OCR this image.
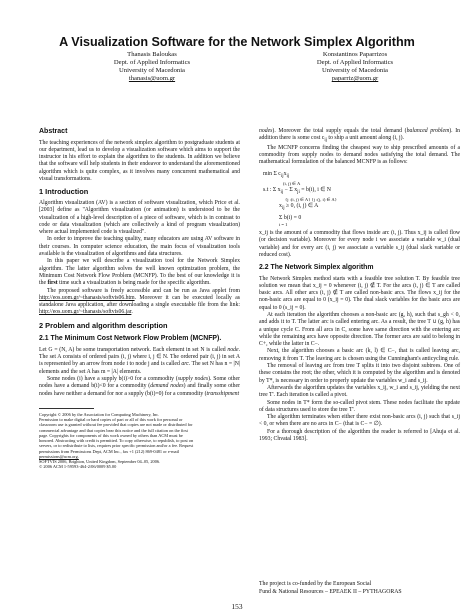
A Visualization Software for the Network Simplex Algorithm
Thanasis Baloukas
Dept. of Applied Informatics
University of Macedonia
thanasis@uom.gr
Konstantinos Paparrizos
Dept. of Applied Informatics
University of Macedonia
paparriz@uom.gr
Abstract

The teaching experiences of the network simplex algorithm to postgraduate students at our department, lead us to develop a visualization software which aims to support the instructor in his effort to explain the algorithm to the students. In addition we believe that the software will help students in their endeavor to understand the aforementioned algorithm which is quite complex, as it involves many concurrent mathematical and visual transformations.

1 Introduction

Algorithm visualization (AV) is a section of software visualization, which Price et al. [2003] define as "Algorithm visualization (or animation) is understood to be the visualization of a high-level description of a piece of software, which is in contrast to code or data visualization (which are collectively a kind of program visualization) where actual implemented code is visualized".

In order to improve the teaching quality, many educators are using AV software in their courses. In computer science education, the main focus of visualization tools available is the visualization of algorithms and data structures.

In this paper we will describe a visualization tool for the Network Simplex algorithm. The latter algorithm solves the well known optimization problem, the Minimum Cost Network Flow Problem (MCNFP). To the best of our knowledge it is the first time such a visualization is being made for the specific algorithm.

The proposed software is freely accessible and can be run as Java applet from http://eos.uom.gr/~thanasis/softvis06.htm. Moreover it can be executed locally as standalone Java application, after downloading a single executable file from the link: http://eos.uom.gr/~thanasis/softvis06.jar.

2 Problem and algorithm description
2.1 The Minimum Cost Network Flow Problem (MCNFP).

Let G = (N, A) be some transportation network. Each element in set N is called node. The set A consists of ordered pairs (i, j) where i, j ∈ N. The ordered pair (i, j) in set A is represented by an arrow from node i to node j and is called arc. The set N has n = |N| elements and the set A has m = |A| elements.

Some nodes (i) have a supply b(i)>0 for a commodity (supply nodes). Some other nodes have a demand b(i)<0 for a commodity (demand nodes) and finally some other nodes have neither a demand for nor a supply (b(i)=0) for a commodity (transshipment

Copyright © 2006 by the Association for Computing Machinery, Inc.
Permission to make digital or hard copies of part or all of this work for personal or
classroom use is granted without fee provided that copies are not made or distributed for
commercial advantage and that copies bear this notice and the full citation on the first
page. Copyrights for components of this work owned by others than ACM must be
honored. Abstracting with credit is permitted. To copy otherwise, to republish, to post on
servers, or to redistribute to lists, requires prior specific permission and/or a fee. Request
permissions from Permissions Dept, ACM Inc., fax +1 (212) 869-0481 or e-mail
permissions@acm.org.
SOFTVIS 2006, Brighton, United Kingdom, September 04–05, 2006.
© 2006 ACM 1-59593-464-2/06/0009 $5.00

nodes). Moreover the total supply equals the total demand (balanced problem). In addition there is some cost $c_{ij}$ to ship a unit amount along (i, j).

The MCNFP concerns finding the cheapest way to ship prescribed amounts of a commodity from supply nodes to demand nodes satisfying the total demand. The mathematical formulation of the balanced MCNFP is as follows:

min Σ $c_{ij}x_{ij}$
(i, j) ∈ A
s.t : Σ $x_{ij} - \Sigma$ $x_{ji} = b(i)$, i ∈ N
{j :(i, j) ∈ A} {j :(j, i) ∈ A}
$x_{ij} \ge 0$, (i, j) ∈ A
Σ b(i) = 0
i = 1

x_ij is the amount of a commodity that flows inside arc (i, j). Thus x_ij is called flow (or decision variable). Moreover for every node i we associate a variable w_i (dual variable) and for every arc (i, j) we associate a variable s_ij (dual slack variable or reduced cost).

2.2 The Network Simplex algorithm

The Network Simplex method starts with a feasible tree solution T. By feasible tree solution we mean that x_ij = 0 whenever (i, j) ∉ T. For the arcs (i, j) ∈ T are called basic arcs. All other arcs (i, j) ∉ T are called non-basic arcs. The flows x_ij for the non-basic arcs are equal to 0 (x_ij = 0). The dual slack variables for the basic arcs are equal to 0 (s_ij = 0).

At each iteration the algorithm chooses a non-basic arc (g, h), such that s_gh < 0, and adds it to T. The latter arc is called entering arc. As a result, the tree T ∪ (g, h) has a unique cycle C. From all arcs in C, some have same direction with the entering arc while the remaining arcs have opposite direction. The former arcs are said to belong in C+, while the latter in C−.

Next, the algorithm chooses a basic arc (k, l) ∈ C−, that is called leaving arc, removing it from T. The leaving arc is chosen using the Cunningham's anticycling rule.

The removal of leaving arc from tree T splits it into two disjoint subtrees. One of these contains the root; the other, which it is computed by the algorithm and is denoted by T*, is necessary in order to properly update the variables w_i and s_ij.

Afterwards the algorithm updates the variables x_ij, w_i and s_ij, yielding the next tree T'. Each iteration is called a pivot.

Some nodes in T* form the so-called pivot stem. These nodes facilitate the update of data structures used to store the tree T'.

The algorithm terminates when either there exist non-basic arcs (i, j) such that s_ij < 0, or when there are no arcs in C− (that is C− = ∅).

For a thorough description of the algorithm the reader is referred to [Ahuja et al. 1993; Chvatal 1983].

The project is co-funded by the European Social
Fund & National Resources – EPEAEK II – PYTHAGORAS
153
